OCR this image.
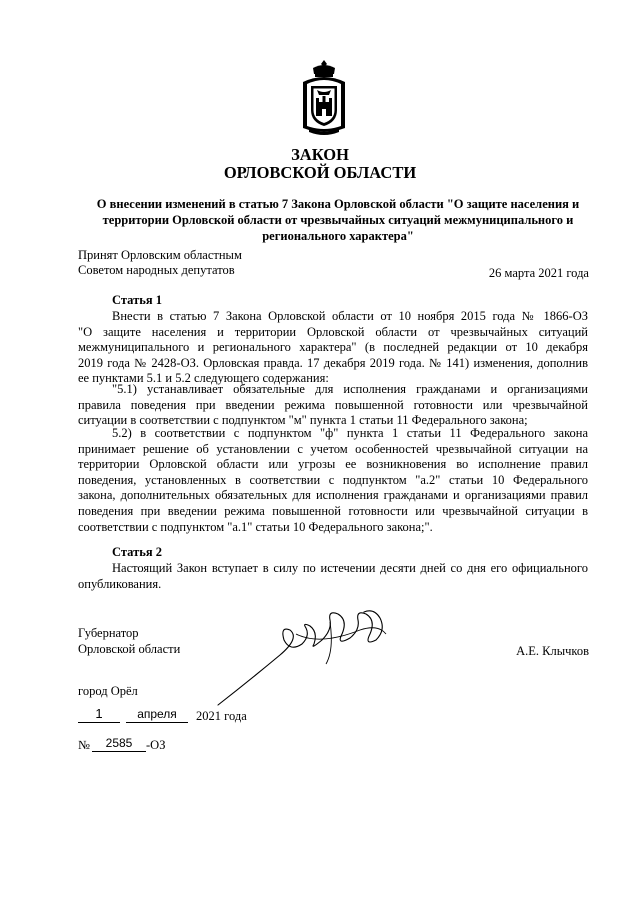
ЗАКОН
ОРЛОВСКОЙ ОБЛАСТИ
О внесении изменений в статью 7 Закона Орловской области "О защите населения и
территории Орловской области от чрезвычайных ситуаций межмуниципального и
регионального характера"
Принят Орловским областным
Советом народных депутатов	26 марта 2021 года
Статья 1
Внести в статью 7 Закона Орловской области от 10 ноября 2015 года № 1866-ОЗ
"О защите населения и территории Орловской области от чрезвычайных ситуаций
межмуниципального и регионального характера" (в последней редакции от 10 декабря
2019 года № 2428-ОЗ. Орловская правда. 17 декабря 2019 года. № 141) изменения, дополнив
ее пунктами 5.1 и 5.2 следующего содержания:
"5.1) устанавливает обязательные для исполнения гражданами и организациями
правила поведения при введении режима повышенной готовности или чрезвычайной
ситуации в соответствии с подпунктом "м" пункта 1 статьи 11 Федерального закона;
5.2) в соответствии с подпунктом "ф" пункта 1 статьи 11 Федерального закона
принимает решение об установлении с учетом особенностей чрезвычайной ситуации на
территории Орловской области или угрозы ее возникновения во исполнение правил
поведения, установленных в соответствии с подпунктом "а.2" статьи 10 Федерального
закона, дополнительных обязательных для исполнения гражданами и организациями правил
поведения при введении режима повышенной готовности или чрезвычайной ситуации в
соответствии с подпунктом "а.1" статьи 10 Федерального закона;".
Статья 2
Настоящий Закон вступает в силу по истечении десяти дней со дня его официального
опубликования.
Губернатор
Орловской области	А.Е. Клычков
город Орёл
1	апреля	2021 года
№	2585	-ОЗ
